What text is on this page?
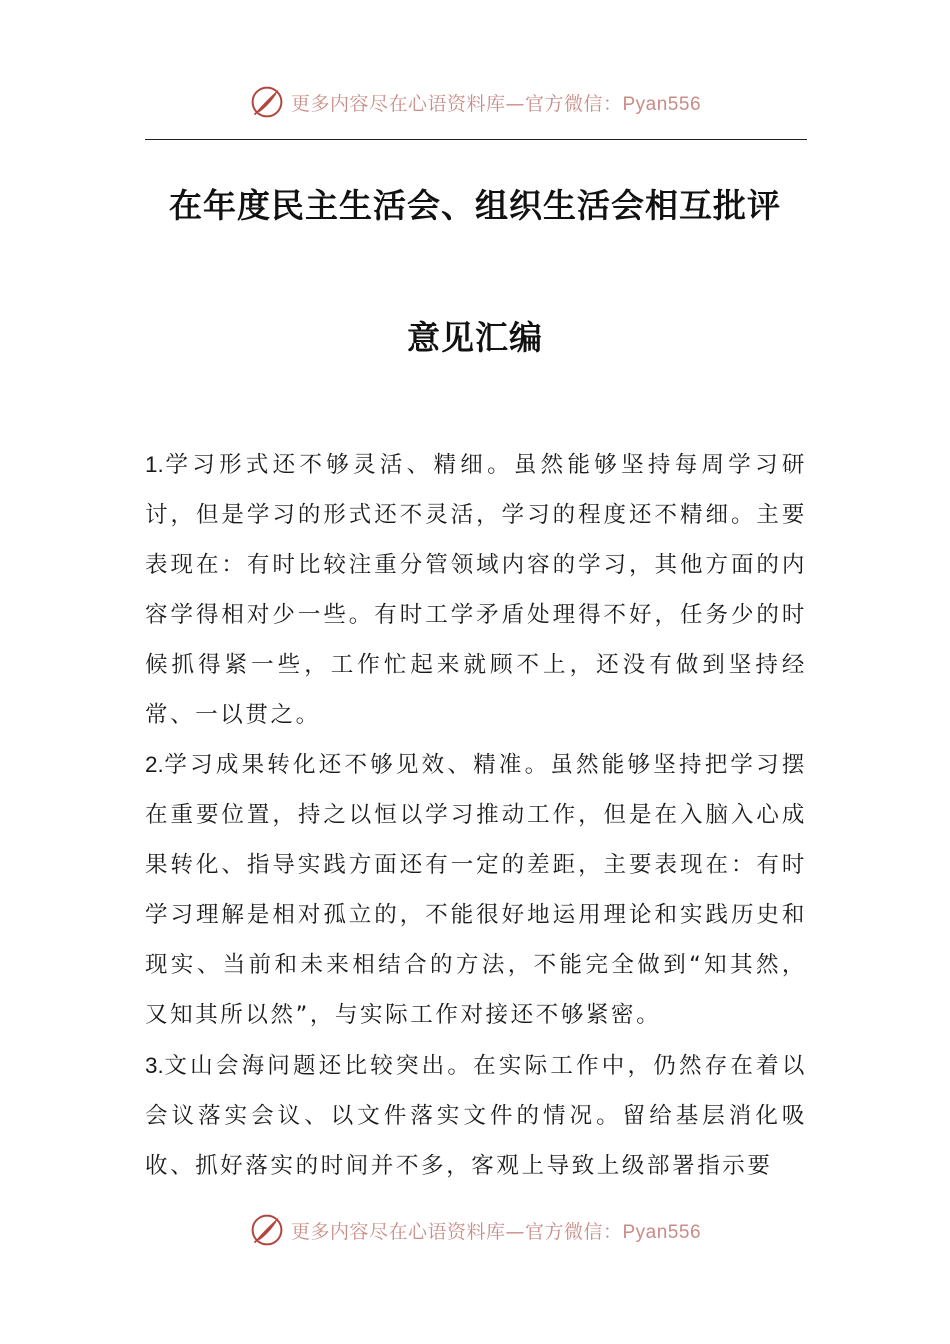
更多内容尽在心语资料库—官方微信：Pyan556
在年度民主生活会、组织生活会相互批评
意见汇编

1.学习形式还不够灵活、精细。虽然能够坚持每周学习研讨，但是学习的形式还不灵活，学习的程度还不精细。主要表现在：有时比较注重分管领域内容的学习，其他方面的内容学得相对少一些。有时工学矛盾处理得不好，任务少的时候抓得紧一些，工作忙起来就顾不上，还没有做到坚持经常、一以贯之。

2.学习成果转化还不够见效、精准。虽然能够坚持把学习摆在重要位置，持之以恒以学习推动工作，但是在入脑入心成果转化、指导实践方面还有一定的差距，主要表现在：有时学习理解是相对孤立的，不能很好地运用理论和实践历史和现实、当前和未来相结合的方法，不能完全做到“知其然，又知其所以然”，与实际工作对接还不够紧密。

3.文山会海问题还比较突出。在实际工作中，仍然存在着以会议落实会议、以文件落实文件的情况。留给基层消化吸收、抓好落实的时间并不多，客观上导致上级部署指示要

更多内容尽在心语资料库—官方微信：Pyan556
